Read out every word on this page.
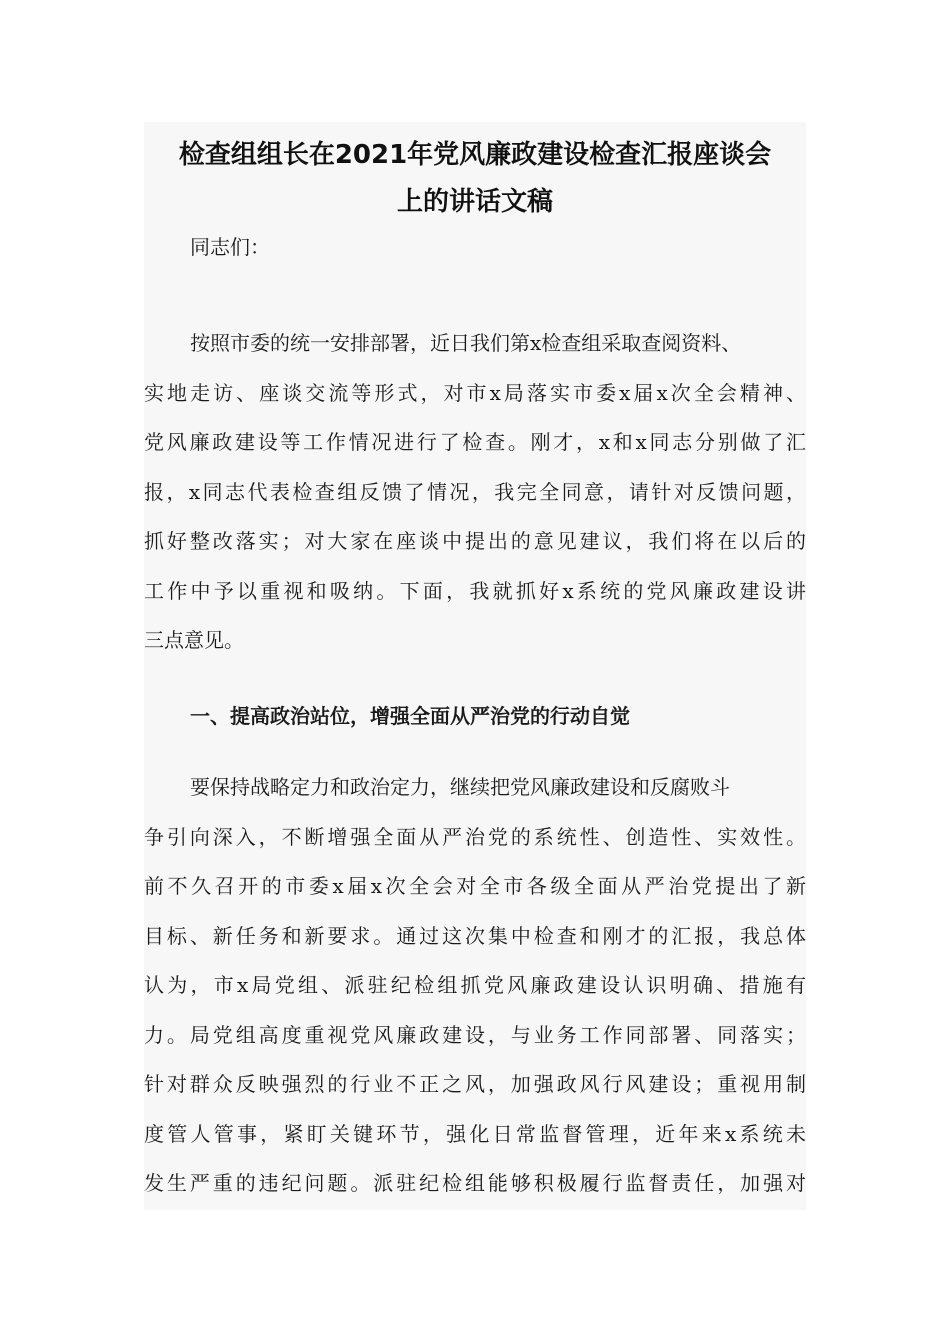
检查组组长在2021年党风廉政建设检查汇报座谈会
上的讲话文稿
同志们：
按照市委的统一安排部署，近日我们第x检查组采取查阅资料、
实地走访、座谈交流等形式，对市x局落实市委x届x次全会精神、
党风廉政建设等工作情况进行了检查。刚才，x和x同志分别做了汇
报，x同志代表检查组反馈了情况，我完全同意，请针对反馈问题，
抓好整改落实；对大家在座谈中提出的意见建议，我们将在以后的
工作中予以重视和吸纳。下面，我就抓好x系统的党风廉政建设讲
三点意见。
一、提高政治站位，增强全面从严治党的行动自觉
要保持战略定力和政治定力，继续把党风廉政建设和反腐败斗
争引向深入，不断增强全面从严治党的系统性、创造性、实效性。
前不久召开的市委x届x次全会对全市各级全面从严治党提出了新
目标、新任务和新要求。通过这次集中检查和刚才的汇报，我总体
认为，市x局党组、派驻纪检组抓党风廉政建设认识明确、措施有
力。局党组高度重视党风廉政建设，与业务工作同部署、同落实；
针对群众反映强烈的行业不正之风，加强政风行风建设；重视用制
度管人管事，紧盯关键环节，强化日常监督管理，近年来x系统未
发生严重的违纪问题。派驻纪检组能够积极履行监督责任，加强对
